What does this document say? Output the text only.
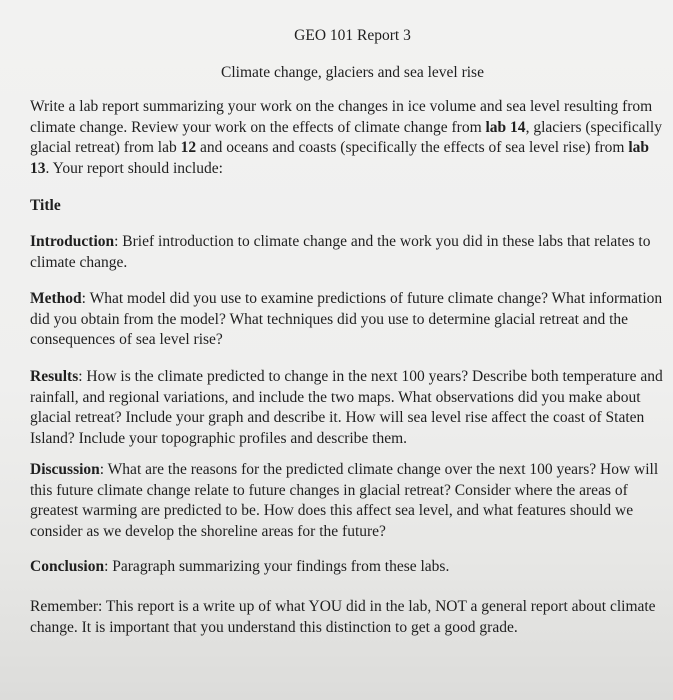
GEO 101 Report 3
Climate change, glaciers and sea level rise

Write a lab report summarizing your work on the changes in ice volume and sea level resulting from climate change. Review your work on the effects of climate change from lab 14, glaciers (specifically glacial retreat) from lab 12 and oceans and coasts (specifically the effects of sea level rise) from lab 13. Your report should include:

Title

Introduction: Brief introduction to climate change and the work you did in these labs that relates to climate change.

Method: What model did you use to examine predictions of future climate change? What information did you obtain from the model? What techniques did you use to determine glacial retreat and the consequences of sea level rise?

Results: How is the climate predicted to change in the next 100 years? Describe both temperature and rainfall, and regional variations, and include the two maps. What observations did you make about glacial retreat? Include your graph and describe it. How will sea level rise affect the coast of Staten Island? Include your topographic profiles and describe them.

Discussion: What are the reasons for the predicted climate change over the next 100 years? How will this future climate change relate to future changes in glacial retreat? Consider where the areas of greatest warming are predicted to be. How does this affect sea level, and what features should we consider as we develop the shoreline areas for the future?

Conclusion: Paragraph summarizing your findings from these labs.

Remember: This report is a write up of what YOU did in the lab, NOT a general report about climate change. It is important that you understand this distinction to get a good grade.
